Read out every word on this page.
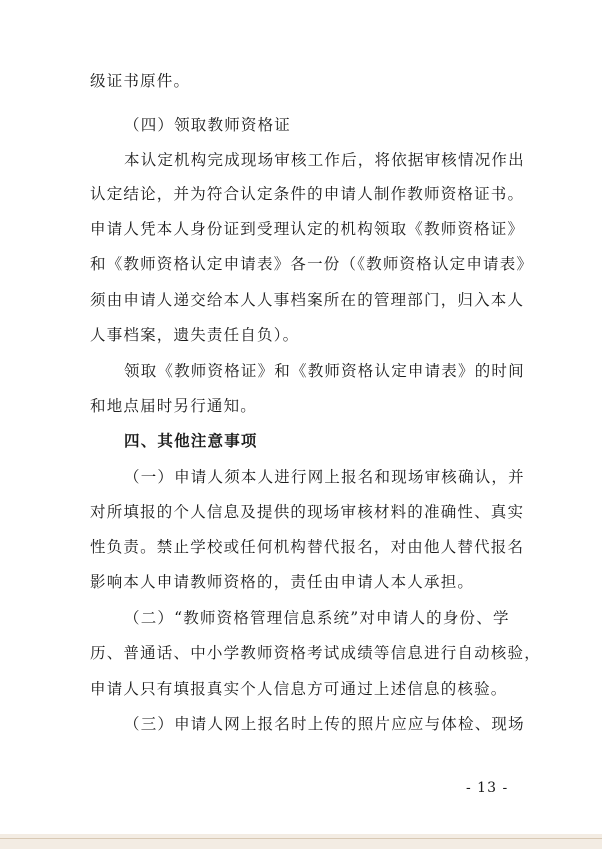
级证书原件。
（四）领取教师资格证
本认定机构完成现场审核工作后，将依据审核情况作出
认定结论，并为符合认定条件的申请人制作教师资格证书。
申请人凭本人身份证到受理认定的机构领取《教师资格证》
和《教师资格认定申请表》各一份（《教师资格认定申请表》
须由申请人递交给本人人事档案所在的管理部门，归入本人
人事档案，遗失责任自负）。
领取《教师资格证》和《教师资格认定申请表》的时间
和地点届时另行通知。
四、其他注意事项
（一）申请人须本人进行网上报名和现场审核确认，并
对所填报的个人信息及提供的现场审核材料的准确性、真实
性负责。禁止学校或任何机构替代报名，对由他人替代报名
影响本人申请教师资格的，责任由申请人本人承担。
（二）“教师资格管理信息系统”对申请人的身份、学
历、普通话、中小学教师资格考试成绩等信息进行自动核验，
申请人只有填报真实个人信息方可通过上述信息的核验。
（三）申请人网上报名时上传的照片应应与体检、现场
- 13 -
